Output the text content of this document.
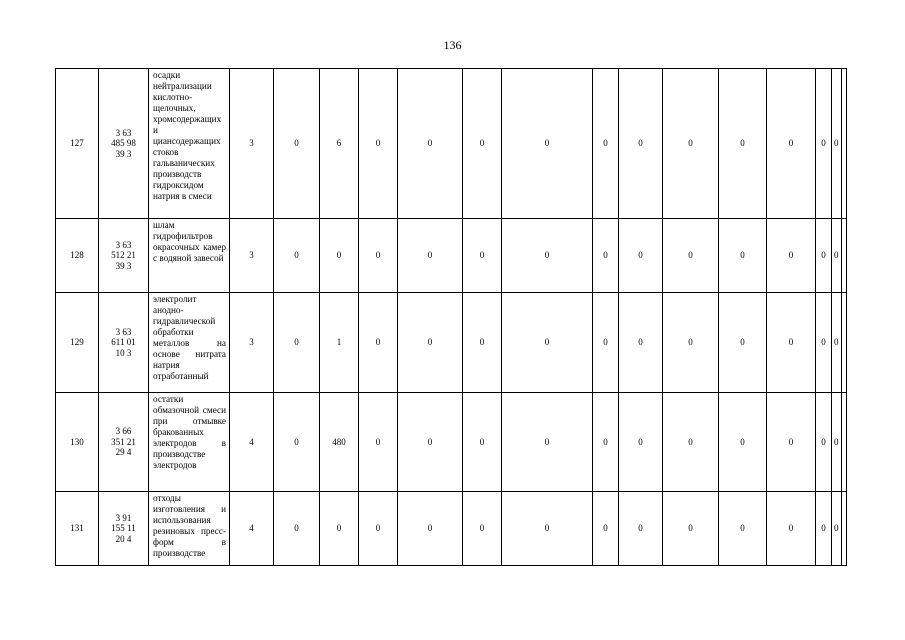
136
127	3 63
485 98
39 3	осадки нейтрализации кислотно-щелочных, хромсодержащих и циансодержащих стоков гальванических производств гидроксидом натрия в смеси	3	0	6	0	0	0	0	0	0	0	0	0	0	0	
128	3 63
512 21
39 3	шлам гидрофильтров окрасочных камер с водяной завесой	3	0	0	0	0	0	0	0	0	0	0	0	0	0	
129	3 63
611 01
10 3	электролит анодно-гидравлической обработки металлов на основе нитрата натрия отработанный	3	0	1	0	0	0	0	0	0	0	0	0	0	0	
130	3 66
351 21
29 4	остатки обмазочной смеси при отмывке бракованных электродов в производстве электродов	4	0	480	0	0	0	0	0	0	0	0	0	0	0	
131	3 91
155 11
20 4	отходы изготовления и использования резиновых пресс-форм в производстве	4	0	0	0	0	0	0	0	0	0	0	0	0	0	
